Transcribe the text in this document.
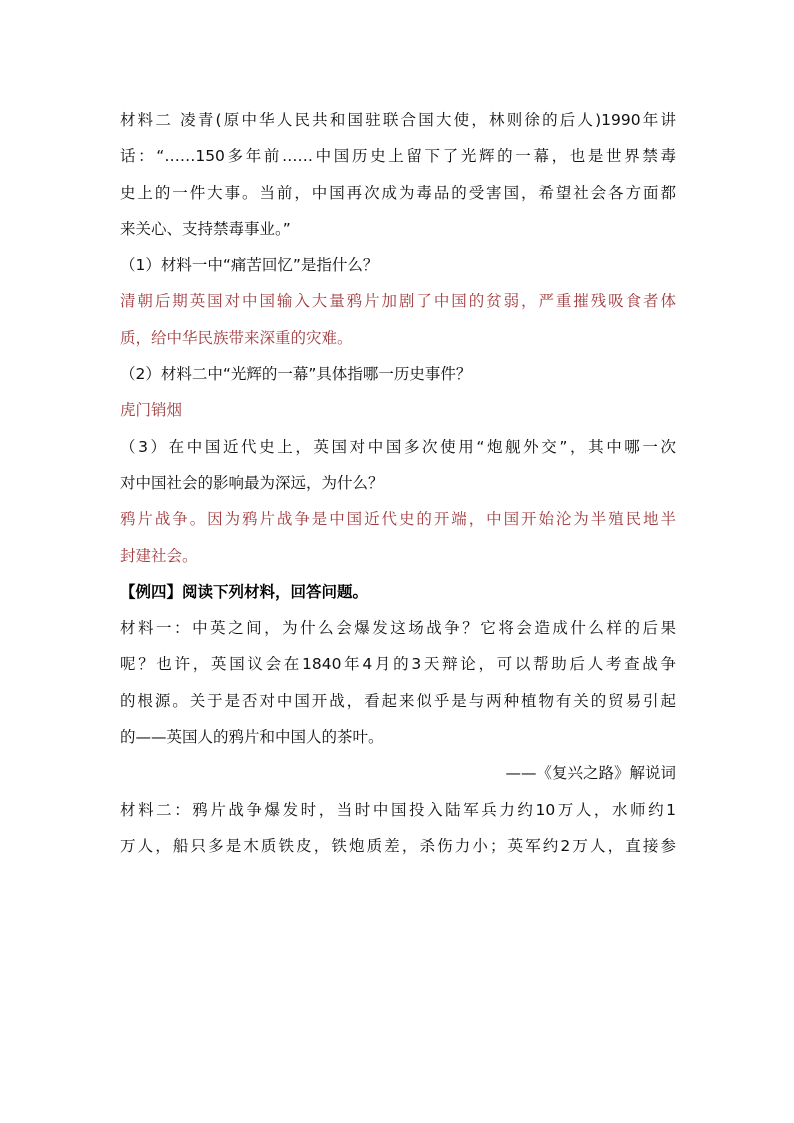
材料二 凌青(原中华人民共和国驻联合国大使，林则徐的后人)1990年讲
话：“……150多年前……中国历史上留下了光辉的一幕，也是世界禁毒
史上的一件大事。当前，中国再次成为毒品的受害国，希望社会各方面都
来关心、支持禁毒事业。”
（1）材料一中“痛苦回忆”是指什么？
清朝后期英国对中国输入大量鸦片加剧了中国的贫弱，严重摧残吸食者体
质，给中华民族带来深重的灾难。
（2）材料二中“光辉的一幕”具体指哪一历史事件？
虎门销烟
（3）在中国近代史上，英国对中国多次使用“炮舰外交”，其中哪一次
对中国社会的影响最为深远，为什么？
鸦片战争。因为鸦片战争是中国近代史的开端，中国开始沦为半殖民地半
封建社会。
【例四】阅读下列材料，回答问题。
材料一：中英之间，为什么会爆发这场战争？它将会造成什么样的后果
呢？也许，英国议会在1840年4月的3天辩论，可以帮助后人考查战争
的根源。关于是否对中国开战，看起来似乎是与两种植物有关的贸易引起
的——英国人的鸦片和中国人的茶叶。
——《复兴之路》解说词
材料二：鸦片战争爆发时，当时中国投入陆军兵力约10万人，水师约1
万人，船只多是木质铁皮，铁炮质差，杀伤力小；英军约2万人，直接参
